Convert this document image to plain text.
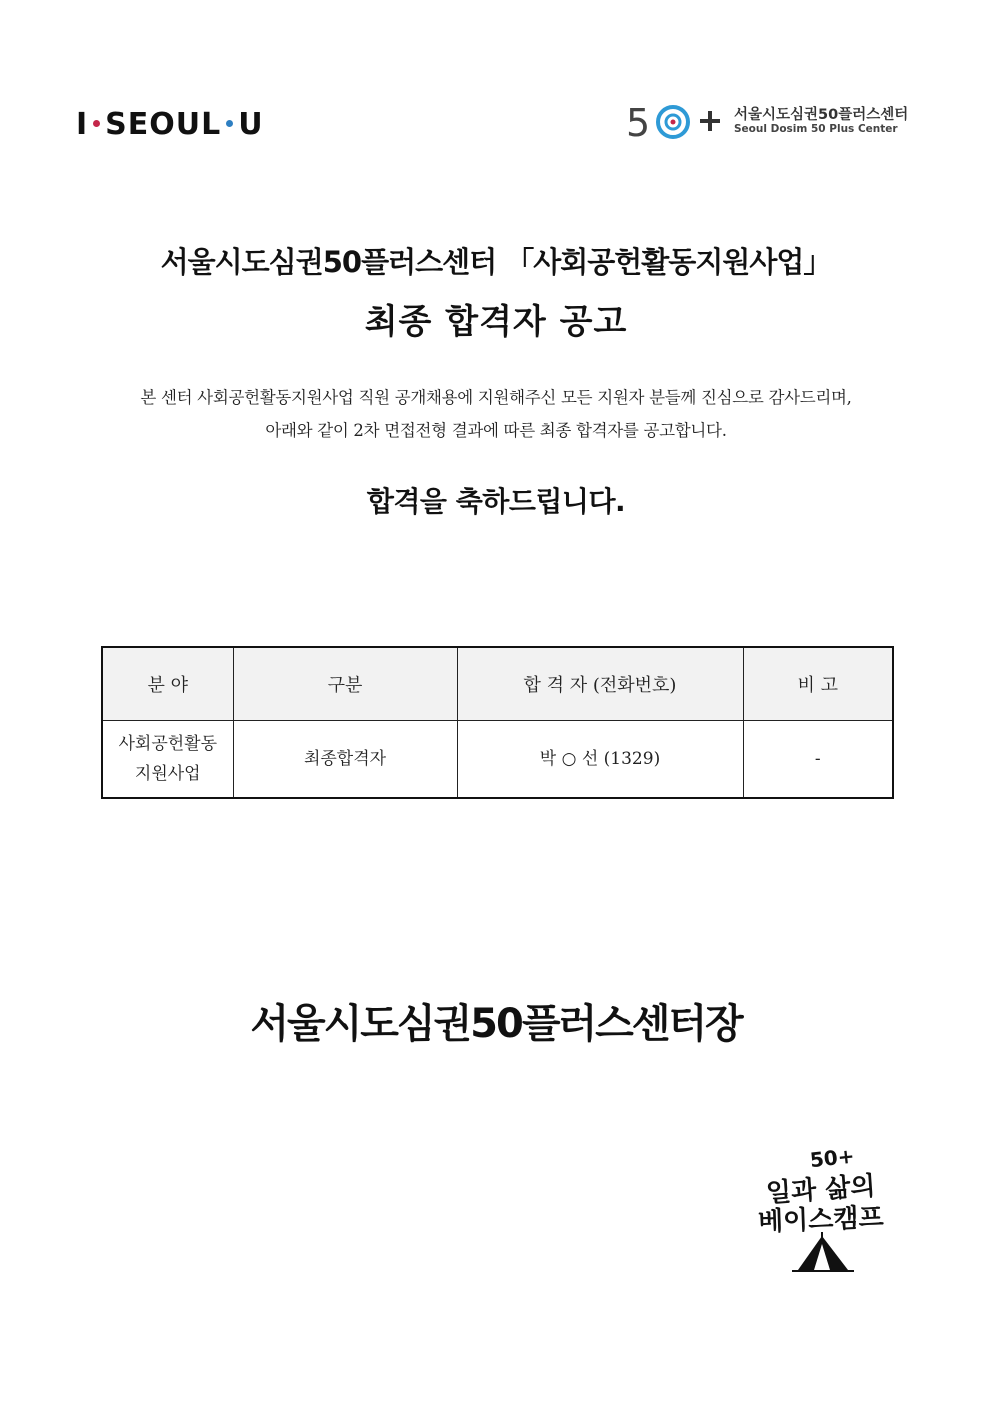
I SEOUL U	5	서울시도심권50플러스센터
Seoul Dosim 50 Plus Center
서울시도심권50플러스센터 「사회공헌활동지원사업」
최종 합격자 공고
본 센터 사회공헌활동지원사업 직원 공개채용에 지원해주신 모든 지원자 분들께 진심으로 감사드리며,
아래와 같이 2차 면접전형 결과에 따른 최종 합격자를 공고합니다.
합격을 축하드립니다.
분 야	구분	합 격 자 (전화번호)	비 고

사회공헌활동
지원사업	최종합격자	박 ○ 선 (1329)	-
서울시도심권50플러스센터장
50+
일과 삶의
베이스캠프
